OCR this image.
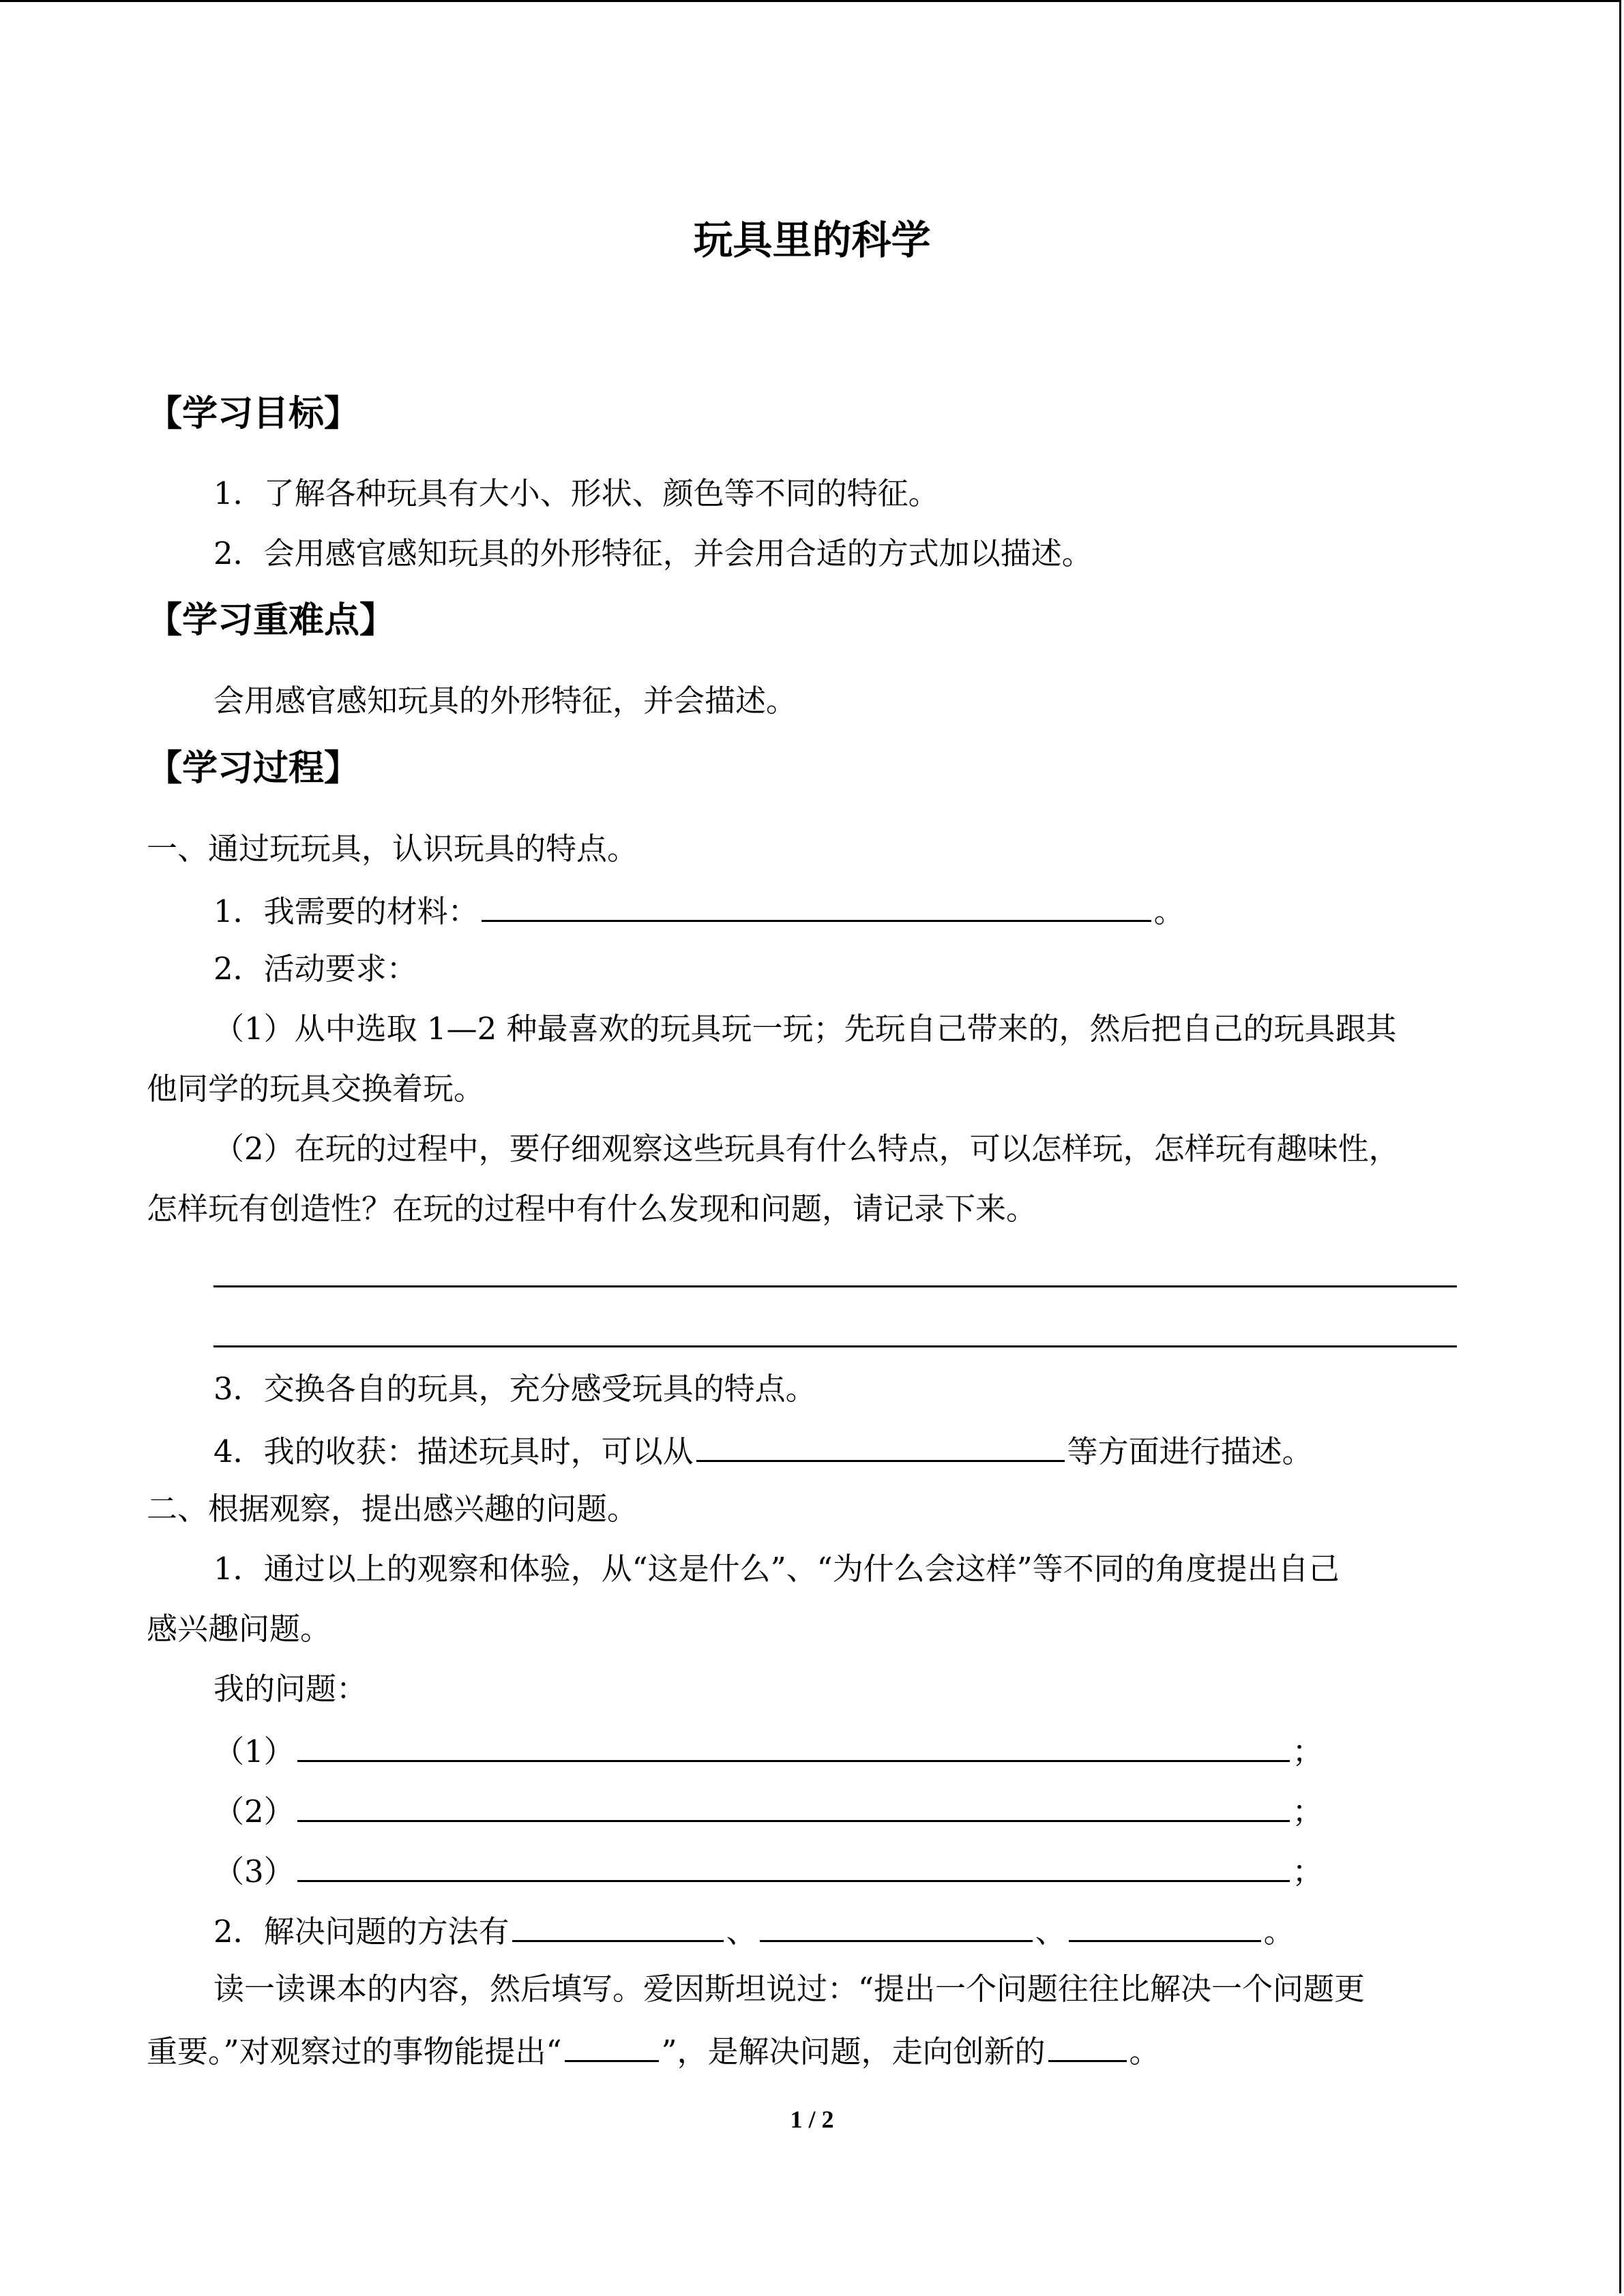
玩具里的科学
【学习目标】
1．了解各种玩具有大小、形状、颜色等不同的特征。
2．会用感官感知玩具的外形特征，并会用合适的方式加以描述。
【学习重难点】
会用感官感知玩具的外形特征，并会描述。
【学习过程】
一、通过玩玩具，认识玩具的特点。
1．我需要的材料：	。
2．活动要求：
（1）从中选取 1—2 种最喜欢的玩具玩一玩；先玩自己带来的，然后把自己的玩具跟其
他同学的玩具交换着玩。
（2）在玩的过程中，要仔细观察这些玩具有什么特点，可以怎样玩，怎样玩有趣味性，
怎样玩有创造性？在玩的过程中有什么发现和问题，请记录下来。
3．交换各自的玩具，充分感受玩具的特点。
4．我的收获：描述玩具时，可以从	等方面进行描述。
二、根据观察，提出感兴趣的问题。
1．通过以上的观察和体验，从“这是什么”、“为什么会这样”等不同的角度提出自己
感兴趣问题。
我的问题：
（1）	；
（2）	；
（3）	；
2．解决问题的方法有	、	、	。
读一读课本的内容，然后填写。爱因斯坦说过：“提出一个问题往往比解决一个问题更
重要。”对观察过的事物能提出“	”，是解决问题，走向创新的	。
1 / 2
